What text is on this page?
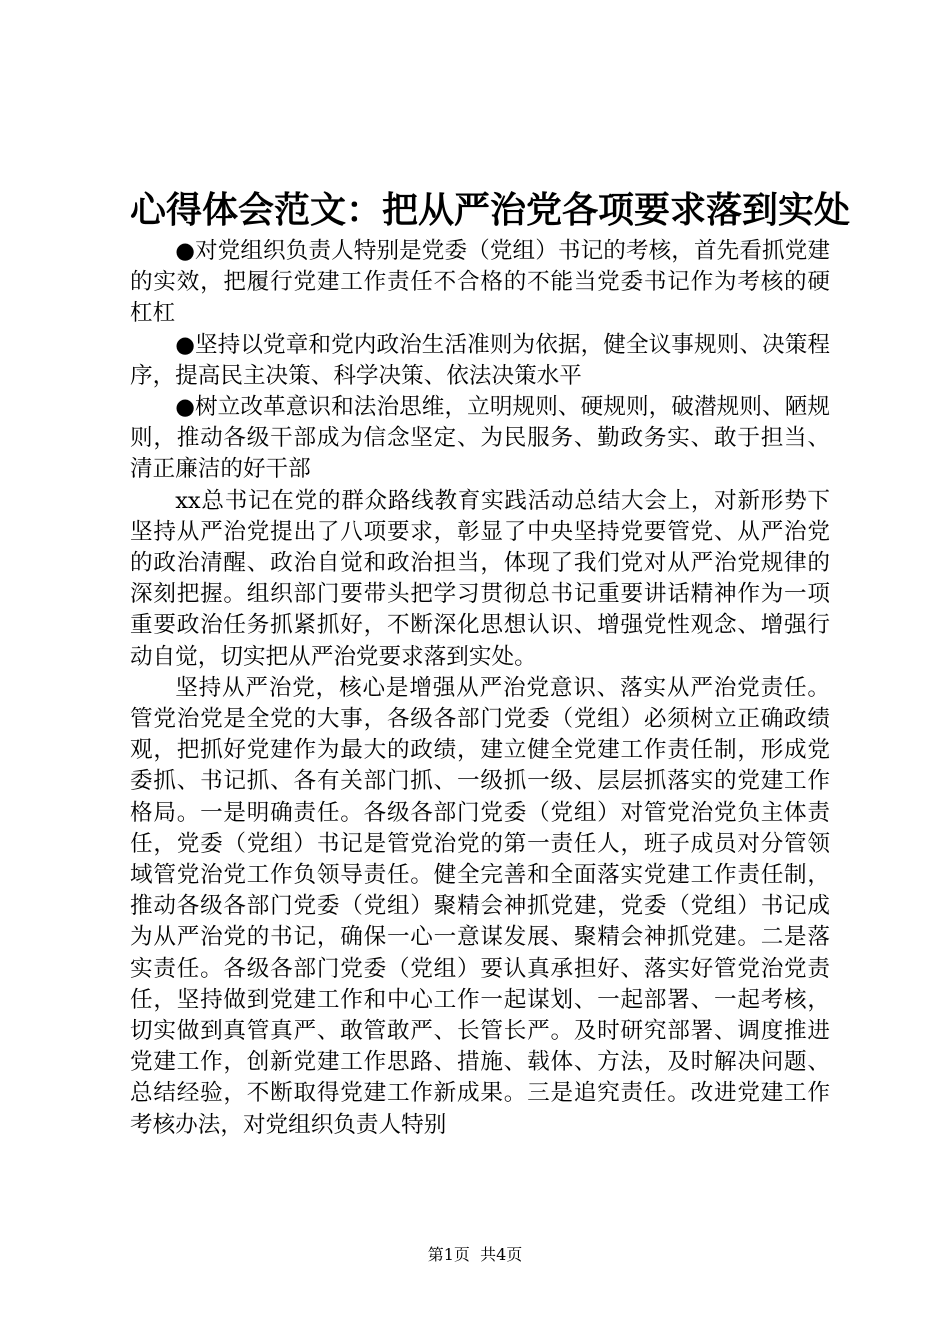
心得体会范文：把从严治党各项要求落到实处

●对党组织负责人特别是党委（党组）书记的考核，首先看抓党建的实效，把履行党建工作责任不合格的不能当党委书记作为考核的硬杠杠

●坚持以党章和党内政治生活准则为依据，健全议事规则、决策程序，提高民主决策、科学决策、依法决策水平

●树立改革意识和法治思维，立明规则、硬规则，破潜规则、陋规则，推动各级干部成为信念坚定、为民服务、勤政务实、敢于担当、清正廉洁的好干部

xx总书记在党的群众路线教育实践活动总结大会上，对新形势下坚持从严治党提出了八项要求，彰显了中央坚持党要管党、从严治党的政治清醒、政治自觉和政治担当，体现了我们党对从严治党规律的深刻把握。组织部门要带头把学习贯彻总书记重要讲话精神作为一项重要政治任务抓紧抓好，不断深化思想认识、增强党性观念、增强行动自觉，切实把从严治党要求落到实处。

坚持从严治党，核心是增强从严治党意识、落实从严治党责任。管党治党是全党的大事，各级各部门党委（党组）必须树立正确政绩观，把抓好党建作为最大的政绩，建立健全党建工作责任制，形成党委抓、书记抓、各有关部门抓、一级抓一级、层层抓落实的党建工作格局。一是明确责任。各级各部门党委（党组）对管党治党负主体责任，党委（党组）书记是管党治党的第一责任人，班子成员对分管领域管党治党工作负领导责任。健全完善和全面落实党建工作责任制，推动各级各部门党委（党组）聚精会神抓党建，党委（党组）书记成为从严治党的书记，确保一心一意谋发展、聚精会神抓党建。二是落实责任。各级各部门党委（党组）要认真承担好、落实好管党治党责任，坚持做到党建工作和中心工作一起谋划、一起部署、一起考核，切实做到真管真严、敢管敢严、长管长严。及时研究部署、调度推进党建工作，创新党建工作思路、措施、载体、方法，及时解决问题、总结经验，不断取得党建工作新成果。三是追究责任。改进党建工作考核办法，对党组织负责人特别

第1页  共4页
